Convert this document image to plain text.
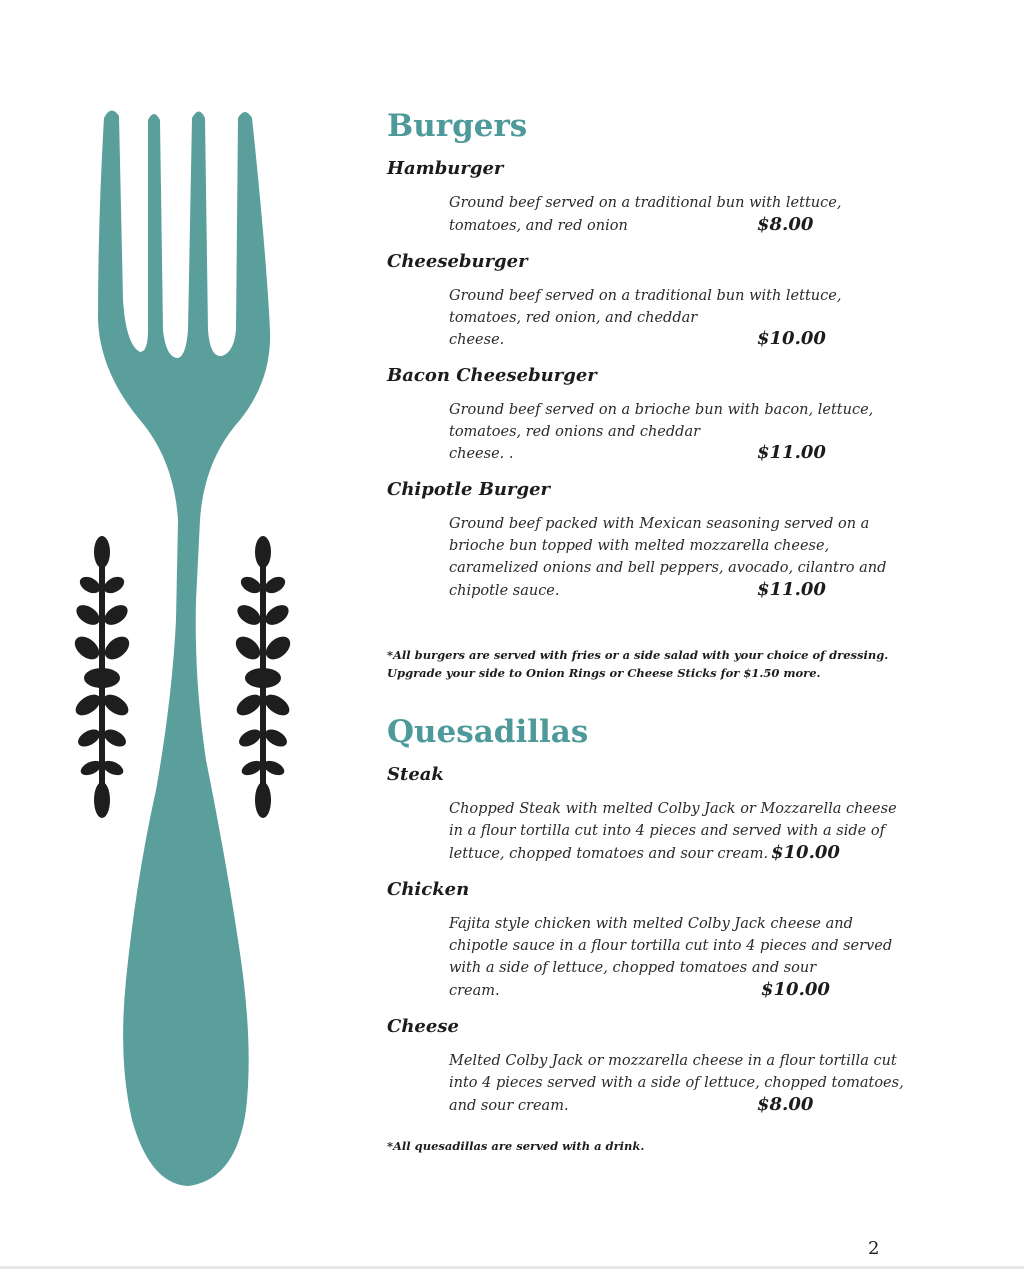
Burgers

Hamburger

Ground beef served on a traditional bun with lettuce,
tomatoes, and red onion	$8.00

Cheeseburger

Ground beef served on a traditional bun with lettuce,
tomatoes, red onion, and cheddar cheese.	$10.00

Bacon Cheeseburger

Ground beef served on a brioche bun with bacon, lettuce,
tomatoes, red onions and cheddar cheese. .	$11.00

Chipotle Burger

Ground beef packed with Mexican seasoning served on a
brioche bun topped with melted mozzarella cheese,
caramelized onions and bell peppers, avocado, cilantro and
chipotle sauce.	$11.00

*All burgers are served with fries or a side salad with your choice of dressing.

Upgrade your side to Onion Rings or Cheese Sticks for $1.50 more.

Quesadillas

Steak

Chopped Steak with melted Colby Jack or Mozzarella cheese
in a flour tortilla cut into 4 pieces and served with a side of
lettuce, chopped tomatoes and sour cream. $10.00

Chicken

Fajita style chicken with melted Colby Jack cheese and
chipotle sauce in a flour tortilla cut into 4 pieces and served
with a side of lettuce, chopped tomatoes and sour
cream.	$10.00

Cheese

Melted Colby Jack or mozzarella cheese in a flour tortilla cut
into 4 pieces served with a side of lettuce, chopped tomatoes,
and sour cream.	$8.00

*All quesadillas are served with a drink.

2
